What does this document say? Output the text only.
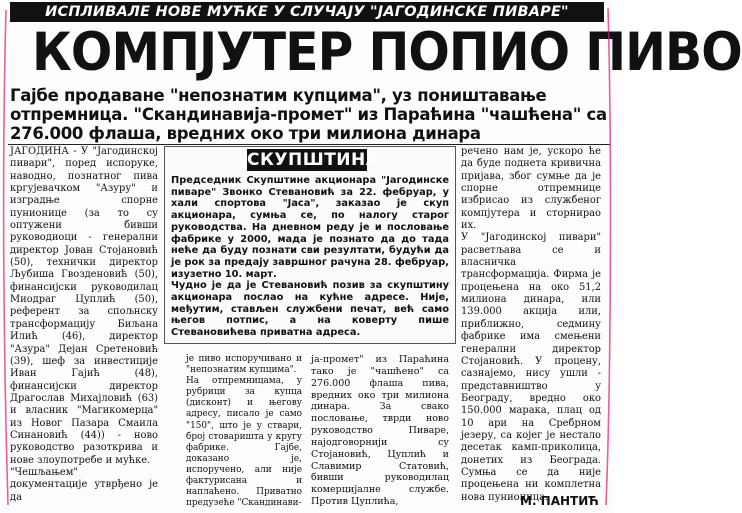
ИСПЛИВАЛЕ НОВЕ МУЋКЕ У СЛУЧАЈУ "ЈАГОДИНСКЕ ПИВАРЕ"
КОМПЈУТЕР ПОПИО ПИВО
Гајбе продаване "непознатим купцима", уз поништавање отпремница. "Скандинавија-промет" из Параћина "чашћена" са 276.000 флаша, вредних око три милиона динара
ЈАГОДИНА - У "Јагодинској пивари", поред испоруке, наводно, познатног пива кргујевачком "Азуру" и изградње спорне пунионице (за то су оптужени бивши руководиоци - генерални директор Јован Стојановић (50), технички директор Љубиша Гвозденовић (50), финансијски руководилац Миодраг Цуплић (50), референт за спољнску трансформацију Биљана Илић (46), директор "Азура" Дејан Сретеновић (39), шеф за инвестиције Иван Гајић (48), финансијски директор Драгослав Михајловић (63) и власник "Магикомерца" из Новог Пазара Смаила Синановић (44)) - ново руководство разоткрива и нове злоупотребе и мућке.
"Чешљањем" документације утврђено је да
СКУПШТИНА
Председник Скупштине акционара "Јагодинске пиваре" Звонко Стевановић за 22. фебруар, у хали спортова "Јаса", заказао је скуп акционара, сумња се, по налогу старог руководства. На дневном реду је и пословање фабрике у 2000, мада је познато да до тада неће да буду познати сви резултати, будући да је рок за предају завршног рачуна 28. фебруар, изузетно 10. март.
Чудно је да је Стевановић позив за скупштину акционара послао на кућне адресе. Није, међутим, стављен службени печат, већ само његов потпис, а на коверту пише Стевановићева приватна адреса.
је пиво испоручивано и "непознатим купцима".
На отпремницама, у рубрици за купца (дисконт) и његову адресу, писало је само "150", што је у ствари, број стоваришта у кругу фабрике. Гајбе, доказано је, испоручено, али није фактурисана и наплаћено. Приватно предузеће "Скандинави-
ја-промет" из Параћина тако је "чашћено" са 276.000 флаша пива, вредних око три милиона динара. За свако пословање, тврди ново руководство Пиваре, најодговорнији су Стојановић, Цуплић и Славимир Статовић, бивши руководилац комерцијалне службе. Против Цуплића,
речено нам је, ускоро ће да буде поднета кривична пријава, због сумње да је спорне отпремнице избрисао из службеног компјутера и сторнирао их.
У "Јагодинској пивари" расветљава се и власничка трансформација. Фирма је процењена на око 51,2 милиона динара, или 139.000 акција или, приближно, седмину фабрике има смењени генерални директор Стојановић. У процену, сазнајемо, нису ушли - представништво у Београду, вредно око 150.000 марака, плац од 10 ари на Сребрном језеру, са којег је нестало десетак камп-приколица, донетих из Београда. Сумња се да није процењена ни комплетна нова пунионица.
М. ПАНТИЋ
